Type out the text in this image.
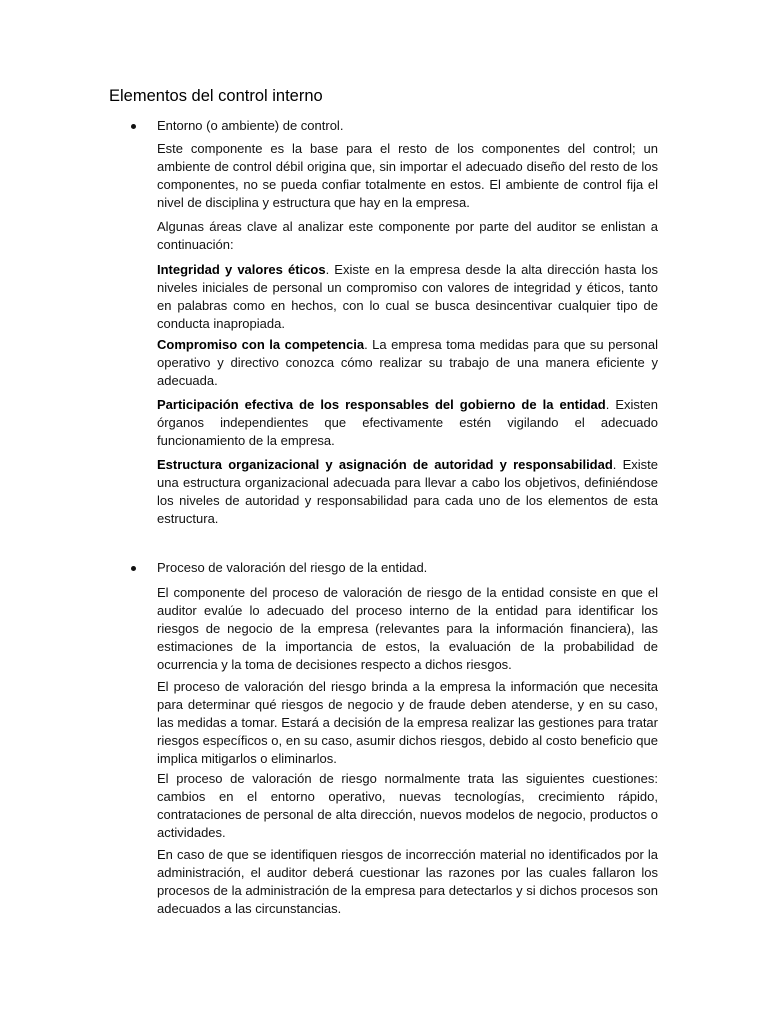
Elementos del control interno
Entorno (o ambiente) de control.

Este componente es la base para el resto de los componentes del control; un ambiente de control débil origina que, sin importar el adecuado diseño del resto de los componentes, no se pueda confiar totalmente en estos. El ambiente de control fija el nivel de disciplina y estructura que hay en la empresa.

Algunas áreas clave al analizar este componente por parte del auditor se enlistan a continuación:

Integridad y valores éticos. Existe en la empresa desde la alta dirección hasta los niveles iniciales de personal un compromiso con valores de integridad y éticos, tanto en palabras como en hechos, con lo cual se busca desincentivar cualquier tipo de conducta inapropiada.

Compromiso con la competencia. La empresa toma medidas para que su personal operativo y directivo conozca cómo realizar su trabajo de una manera eficiente y adecuada.

Participación efectiva de los responsables del gobierno de la entidad. Existen órganos independientes que efectivamente estén vigilando el adecuado funcionamiento de la empresa.

Estructura organizacional y asignación de autoridad y responsabilidad. Existe una estructura organizacional adecuada para llevar a cabo los objetivos, definiéndose los niveles de autoridad y responsabilidad para cada uno de los elementos de esta estructura.

Proceso de valoración del riesgo de la entidad.

El componente del proceso de valoración de riesgo de la entidad consiste en que el auditor evalúe lo adecuado del proceso interno de la entidad para identificar los riesgos de negocio de la empresa (relevantes para la información financiera), las estimaciones de la importancia de estos, la evaluación de la probabilidad de ocurrencia y la toma de decisiones respecto a dichos riesgos.

El proceso de valoración del riesgo brinda a la empresa la información que necesita para determinar qué riesgos de negocio y de fraude deben atenderse, y en su caso, las medidas a tomar. Estará a decisión de la empresa realizar las gestiones para tratar riesgos específicos o, en su caso, asumir dichos riesgos, debido al costo beneficio que implica mitigarlos o eliminarlos.

El proceso de valoración de riesgo normalmente trata las siguientes cuestiones: cambios en el entorno operativo, nuevas tecnologías, crecimiento rápido, contrataciones de personal de alta dirección, nuevos modelos de negocio, productos o actividades.

En caso de que se identifiquen riesgos de incorrección material no identificados por la administración, el auditor deberá cuestionar las razones por las cuales fallaron los procesos de la administración de la empresa para detectarlos y si dichos procesos son adecuados a las circunstancias.
